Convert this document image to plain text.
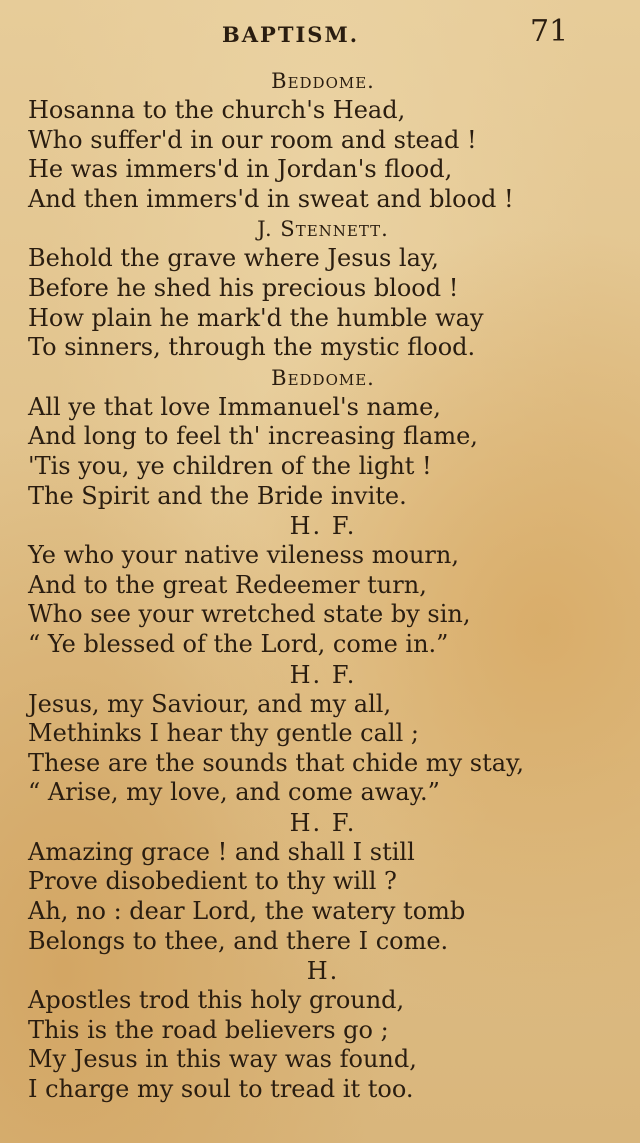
BAPTISM.	71
Beddome.
Hosanna to the church's Head,
Who suffer'd in our room and stead !
He was immers'd in Jordan's flood,
And then immers'd in sweat and blood !
J. Stennett.
Behold the grave where Jesus lay,
Before he shed his precious blood !
How plain he mark'd the humble way
To sinners, through the mystic flood.
Beddome.
All ye that love Immanuel's name,
And long to feel th' increasing flame,
'Tis you, ye children of the light !
The Spirit and the Bride invite.
H. F.
Ye who your native vileness mourn,
And to the great Redeemer turn,
Who see your wretched state by sin,
“ Ye blessed of the Lord, come in.”
H. F.
Jesus, my Saviour, and my all,
Methinks I hear thy gentle call ;
These are the sounds that chide my stay,
“ Arise, my love, and come away.”
H. F.
Amazing grace ! and shall I still
Prove disobedient to thy will ?
Ah, no : dear Lord, the watery tomb
Belongs to thee, and there I come.
H.
Apostles trod this holy ground,
This is the road believers go ;
My Jesus in this way was found,
I charge my soul to tread it too.
